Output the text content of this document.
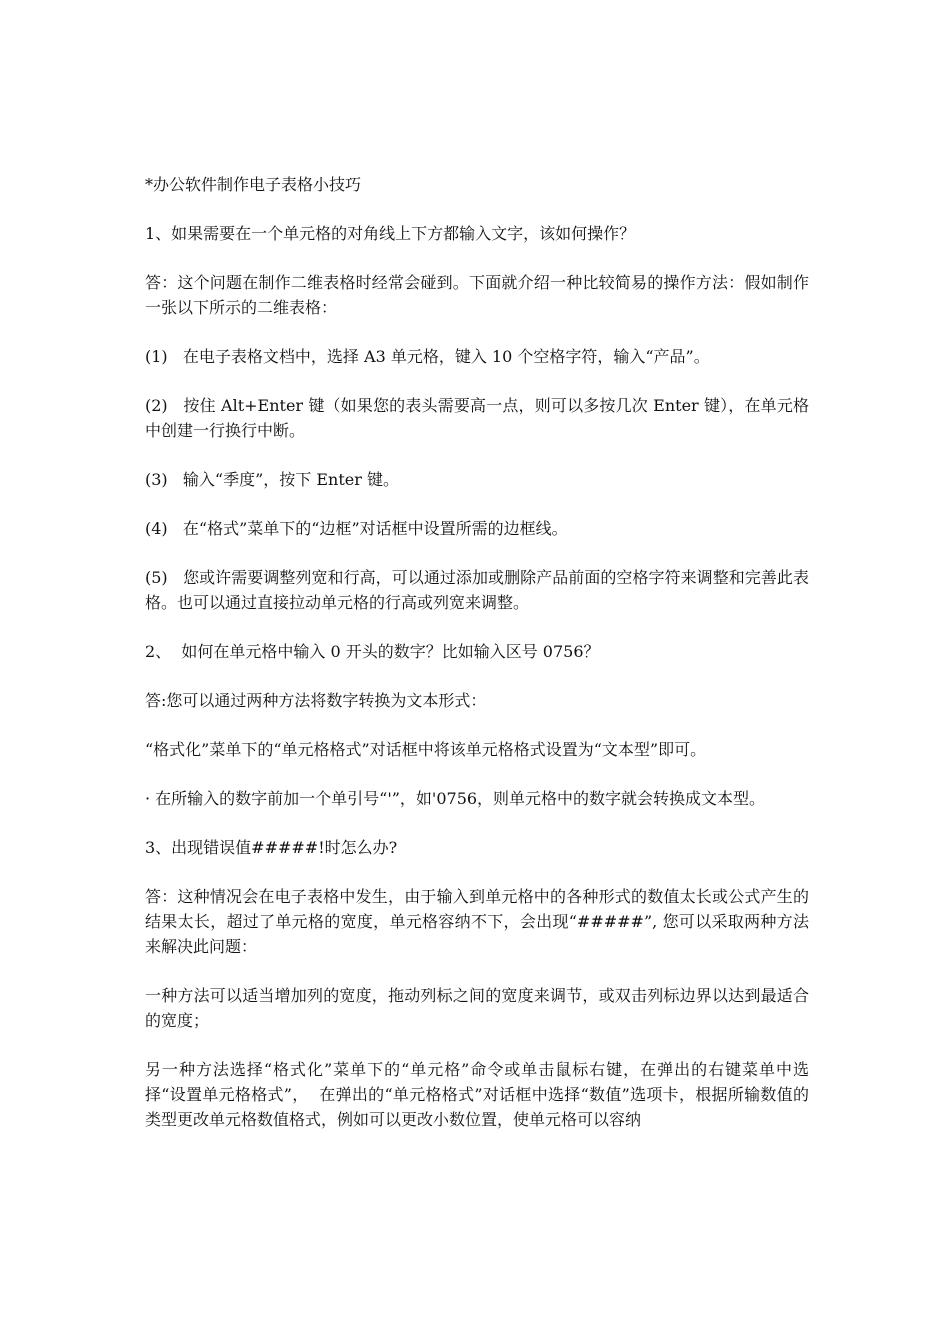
*办公软件制作电子表格小技巧

1、如果需要在一个单元格的对角线上下方都输入文字，该如何操作？

答：这个问题在制作二维表格时经常会碰到。下面就介绍一种比较简易的操作方法：假如制作一张以下所示的二维表格：

(1)   在电子表格文档中，选择 A3 单元格，键入 10 个空格字符，输入“产品”。

(2)   按住 Alt+Enter 键（如果您的表头需要高一点，则可以多按几次 Enter 键），在单元格中创建一行换行中断。

(3)   输入“季度”，按下 Enter 键。

(4)   在“格式”菜单下的“边框”对话框中设置所需的边框线。

(5)   您或许需要调整列宽和行高，可以通过添加或删除产品前面的空格字符来调整和完善此表格。也可以通过直接拉动单元格的行高或列宽来调整。

2、  如何在单元格中输入 0 开头的数字？比如输入区号 0756？

答:您可以通过两种方法将数字转换为文本形式：

“格式化”菜单下的“单元格格式”对话框中将该单元格格式设置为“文本型”即可。

· 在所输入的数字前加一个单引号“'”，如'0756，则单元格中的数字就会转换成文本型。

3、出现错误值#####!时怎么办?

答：这种情况会在电子表格中发生，由于输入到单元格中的各种形式的数值太长或公式产生的结果太长，超过了单元格的宽度，单元格容纳不下，会出现“#####”, 您可以采取两种方法来解决此问题：

一种方法可以适当增加列的宽度，拖动列标之间的宽度来调节，或双击列标边界以达到最适合的宽度；

另一种方法选择“格式化”菜单下的“单元格”命令或单击鼠标右键，在弹出的右键菜单中选择“设置单元格格式”，  在弹出的“单元格格式”对话框中选择“数值”选项卡，根据所输数值的类型更改单元格数值格式，例如可以更改小数位置，使单元格可以容纳
